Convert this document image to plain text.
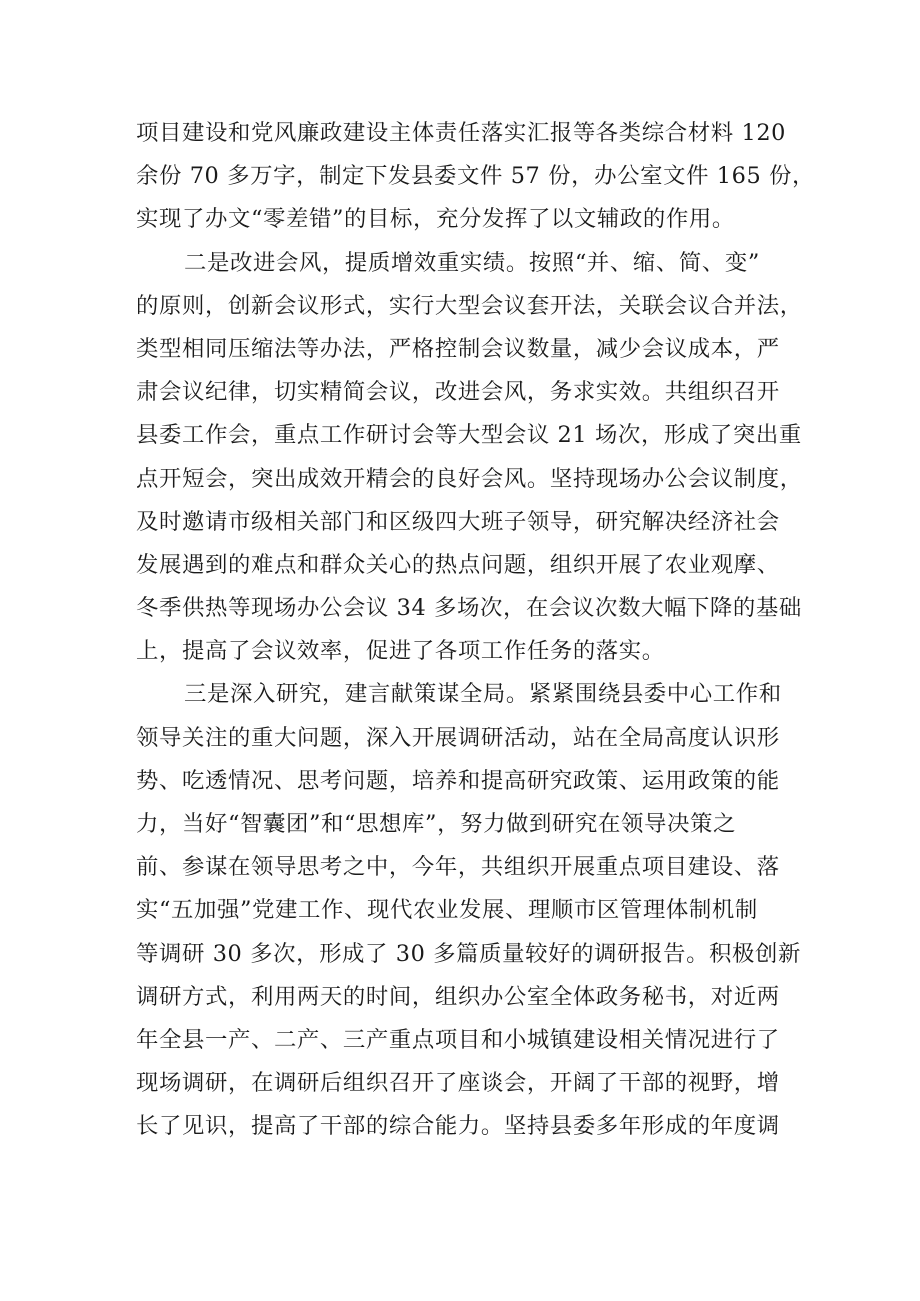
项目建设和党风廉政建设主体责任落实汇报等各类综合材料 120
余份 70 多万字，制定下发县委文件 57 份，办公室文件 165 份，
实现了办文“零差错”的目标，充分发挥了以文辅政的作用。
二是改进会风，提质增效重实绩。按照“并、缩、简、变”
的原则，创新会议形式，实行大型会议套开法，关联会议合并法，
类型相同压缩法等办法，严格控制会议数量，减少会议成本，严
肃会议纪律，切实精简会议，改进会风，务求实效。共组织召开
县委工作会，重点工作研讨会等大型会议 21 场次，形成了突出重
点开短会，突出成效开精会的良好会风。坚持现场办公会议制度，
及时邀请市级相关部门和区级四大班子领导，研究解决经济社会
发展遇到的难点和群众关心的热点问题，组织开展了农业观摩、
冬季供热等现场办公会议 34 多场次，在会议次数大幅下降的基础
上，提高了会议效率，促进了各项工作任务的落实。
三是深入研究，建言献策谋全局。紧紧围绕县委中心工作和
领导关注的重大问题，深入开展调研活动，站在全局高度认识形
势、吃透情况、思考问题，培养和提高研究政策、运用政策的能
力，当好“智囊团”和“思想库”，努力做到研究在领导决策之
前、参谋在领导思考之中，今年，共组织开展重点项目建设、落
实“五加强”党建工作、现代农业发展、理顺市区管理体制机制
等调研 30 多次，形成了 30 多篇质量较好的调研报告。积极创新
调研方式，利用两天的时间，组织办公室全体政务秘书，对近两
年全县一产、二产、三产重点项目和小城镇建设相关情况进行了
现场调研，在调研后组织召开了座谈会，开阔了干部的视野，增
长了见识，提高了干部的综合能力。坚持县委多年形成的年度调
